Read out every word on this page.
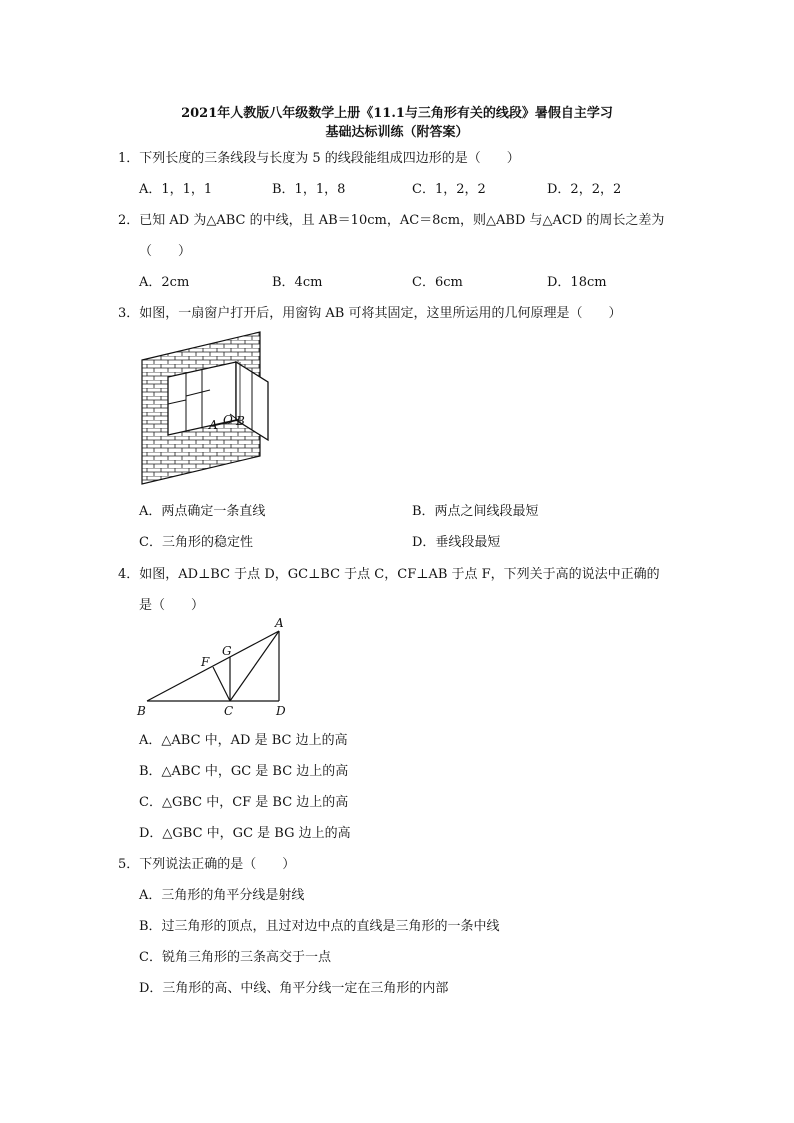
2021年人教版八年级数学上册《11.1与三角形有关的线段》暑假自主学习
基础达标训练（附答案）
1．下列长度的三条线段与长度为 5 的线段能组成四边形的是（　　）
A．1，1，1	B．1，1，8	C．1，2，2	D．2，2，2
2．已知 AD 为△ABC 的中线，且 AB＝10cm，AC＝8cm，则△ABD 与△ACD 的周长之差为
（　　）
A．2cm	B．4cm	C．6cm	D．18cm
3．如图，一扇窗户打开后，用窗钩 AB 可将其固定，这里所运用的几何原理是（　　）
A O B
A．两点确定一条直线	B．两点之间线段最短
C．三角形的稳定性	D．垂线段最短
4．如图，AD⊥BC 于点 D，GC⊥BC 于点 C，CF⊥AB 于点 F，下列关于高的说法中正确的
是（　　）
A
G
F
B	C	D
A．△ABC 中，AD 是 BC 边上的高
B．△ABC 中，GC 是 BC 边上的高
C．△GBC 中，CF 是 BC 边上的高
D．△GBC 中，GC 是 BG 边上的高
5．下列说法正确的是（　　）
A．三角形的角平分线是射线
B．过三角形的顶点，且过对边中点的直线是三角形的一条中线
C．锐角三角形的三条高交于一点
D．三角形的高、中线、角平分线一定在三角形的内部
